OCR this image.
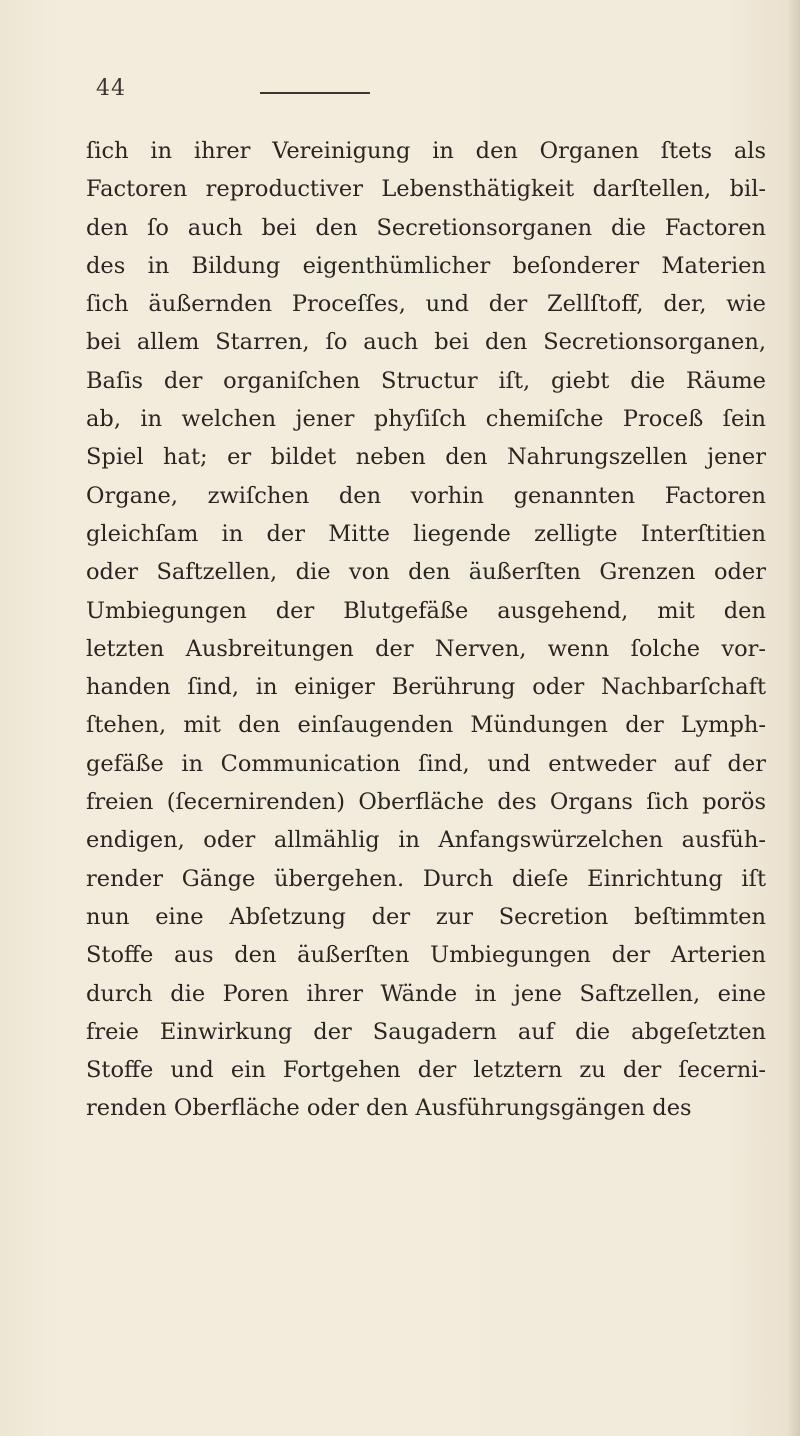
44
ſich in ihrer Vereinigung in den Organen ſtets als
Factoren reproductiver Lebensthätigkeit darſtellen, bil-
den ſo auch bei den Secretionsorganen die Factoren
des in Bildung eigenthümlicher beſonderer Materien
ſich äußernden Proceſſes, und der Zellſtoff, der, wie
bei allem Starren, ſo auch bei den Secretionsorganen,
Baſis der organiſchen Structur iſt, giebt die Räume
ab, in welchen jener phyſiſch chemiſche Proceß ſein
Spiel hat; er bildet neben den Nahrungszellen jener
Organe, zwiſchen den vorhin genannten Factoren
gleichſam in der Mitte liegende zelligte Interſtitien
oder Saftzellen, die von den äußerſten Grenzen oder
Umbiegungen der Blutgefäße ausgehend, mit den
letzten Ausbreitungen der Nerven, wenn ſolche vor-
handen ſind, in einiger Berührung oder Nachbarſchaft
ſtehen, mit den einſaugenden Mündungen der Lymph-
gefäße in Communication ſind, und entweder auf der
freien (ſecernirenden) Oberfläche des Organs ſich porös
endigen, oder allmählig in Anfangswürzelchen ausfüh-
render Gänge übergehen. Durch dieſe Einrichtung iſt
nun eine Abſetzung der zur Secretion beſtimmten
Stoffe aus den äußerſten Umbiegungen der Arterien
durch die Poren ihrer Wände in jene Saftzellen, eine
freie Einwirkung der Saugadern auf die abgeſetzten
Stoffe und ein Fortgehen der letztern zu der ſecerni-
renden Oberfläche oder den Ausführungsgängen des
